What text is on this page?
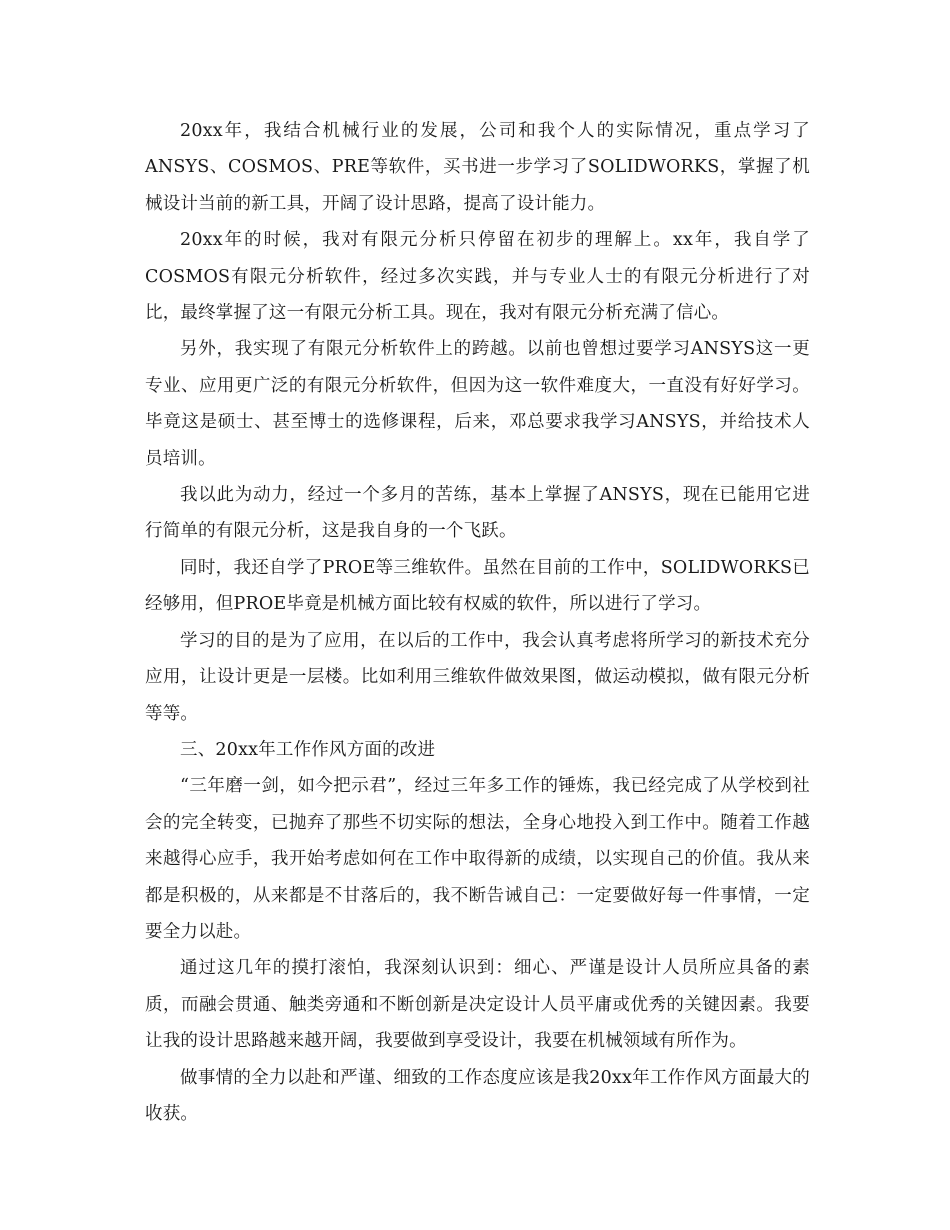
20xx年，我结合机械行业的发展，公司和我个人的实际情况，重点学习了ANSYS、COSMOS、PRE等软件，买书进一步学习了SOLIDWORKS，掌握了机械设计当前的新工具，开阔了设计思路，提高了设计能力。

20xx年的时候，我对有限元分析只停留在初步的理解上。xx年，我自学了COSMOS有限元分析软件，经过多次实践，并与专业人士的有限元分析进行了对比，最终掌握了这一有限元分析工具。现在，我对有限元分析充满了信心。

另外，我实现了有限元分析软件上的跨越。以前也曾想过要学习ANSYS这一更专业、应用更广泛的有限元分析软件，但因为这一软件难度大，一直没有好好学习。毕竟这是硕士、甚至博士的选修课程，后来，邓总要求我学习ANSYS，并给技术人员培训。

我以此为动力，经过一个多月的苦练，基本上掌握了ANSYS，现在已能用它进行简单的有限元分析，这是我自身的一个飞跃。

同时，我还自学了PROE等三维软件。虽然在目前的工作中，SOLIDWORKS已经够用，但PROE毕竟是机械方面比较有权威的软件，所以进行了学习。

学习的目的是为了应用，在以后的工作中，我会认真考虑将所学习的新技术充分应用，让设计更是一层楼。比如利用三维软件做效果图，做运动模拟，做有限元分析等等。

三、20xx年工作作风方面的改进

“三年磨一剑，如今把示君”，经过三年多工作的锤炼，我已经完成了从学校到社会的完全转变，已抛弃了那些不切实际的想法，全身心地投入到工作中。随着工作越来越得心应手，我开始考虑如何在工作中取得新的成绩，以实现自己的价值。我从来都是积极的，从来都是不甘落后的，我不断告诫自己：一定要做好每一件事情，一定要全力以赴。

通过这几年的摸打滚怕，我深刻认识到：细心、严谨是设计人员所应具备的素质，而融会贯通、触类旁通和不断创新是决定设计人员平庸或优秀的关键因素。我要让我的设计思路越来越开阔，我要做到享受设计，我要在机械领域有所作为。

做事情的全力以赴和严谨、细致的工作态度应该是我20xx年工作作风方面最大的收获。
